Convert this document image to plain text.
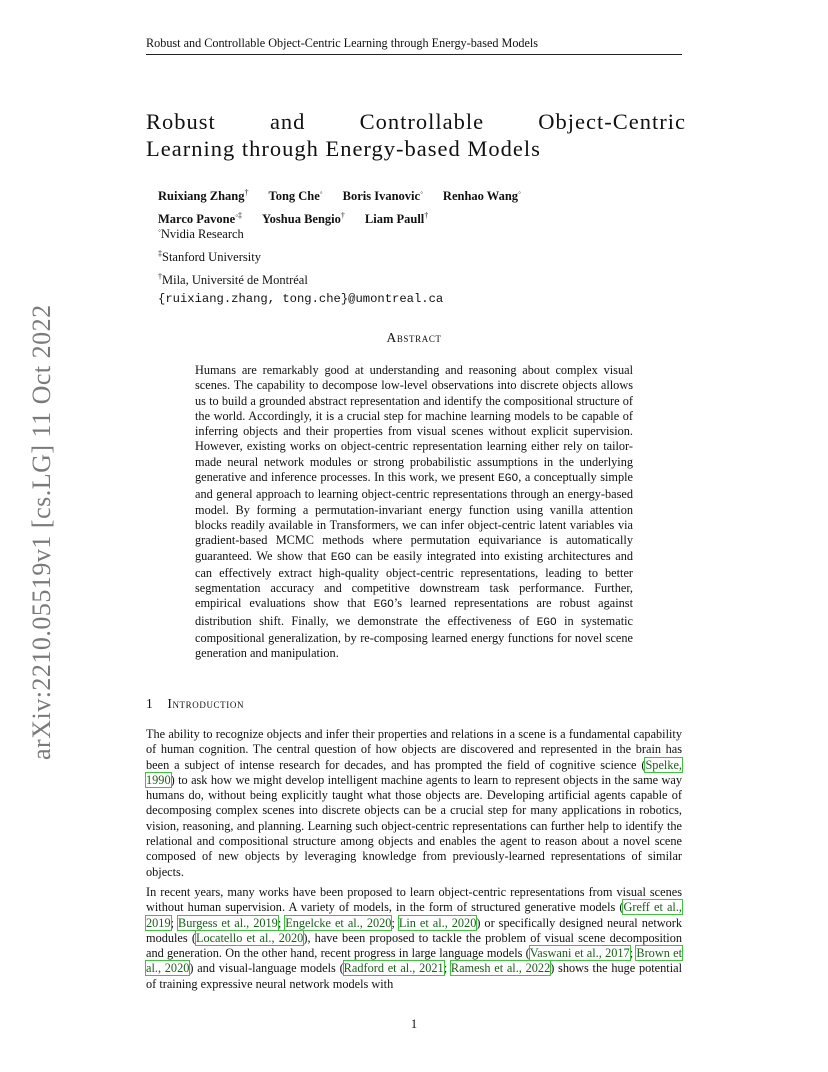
Robust and Controllable Object-Centric Learning through Energy-based Models
arXiv:2210.05519v1 [cs.LG] 11 Oct 2022
Robust and Controllable Object-Centric
Learning through Energy-based Models
Ruixiang Zhang† Tong Che◦ Boris Ivanovic◦ Renhao Wang◦
Marco Pavone◦‡ Yoshua Bengio† Liam Paull†
◦Nvidia Research
‡Stanford University
†Mila, Université de Montréal
{ruixiang.zhang, tong.che}@umontreal.ca
Abstract
Humans are remarkably good at understanding and reasoning about complex visual scenes. The capability to decompose low-level observations into discrete objects allows us to build a grounded abstract representation and identify the compositional structure of the world. Accordingly, it is a crucial step for machine learning models to be capable of inferring objects and their properties from visual scenes without explicit supervision. However, existing works on object-centric representation learning either rely on tailor-made neural network modules or strong probabilistic assumptions in the underlying generative and inference processes. In this work, we present EGO, a conceptually simple and general approach to learning object-centric representations through an energy-based model. By forming a permutation-invariant energy function using vanilla attention blocks readily available in Transformers, we can infer object-centric latent variables via gradient-based MCMC methods where permutation equivariance is automatically guaranteed. We show that EGO can be easily integrated into existing architectures and can effectively extract high-quality object-centric representations, leading to better segmentation accuracy and competitive downstream task performance. Further, empirical evaluations show that EGO’s learned representations are robust against distribution shift. Finally, we demonstrate the effectiveness of EGO in systematic compositional generalization, by re-composing learned energy functions for novel scene generation and manipulation.
1 Introduction
The ability to recognize objects and infer their properties and relations in a scene is a fundamental capability of human cognition. The central question of how objects are discovered and represented in the brain has been a subject of intense research for decades, and has prompted the field of cognitive science (Spelke, 1990) to ask how we might develop intelligent machine agents to learn to represent objects in the same way humans do, without being explicitly taught what those objects are. Developing artificial agents capable of decomposing complex scenes into discrete objects can be a crucial step for many applications in robotics, vision, reasoning, and planning. Learning such object-centric representations can further help to identify the relational and compositional structure among objects and enables the agent to reason about a novel scene composed of new objects by leveraging knowledge from previously-learned representations of similar objects.
In recent years, many works have been proposed to learn object-centric representations from visual scenes without human supervision. A variety of models, in the form of structured generative models (Greff et al., 2019; Burgess et al., 2019; Engelcke et al., 2020; Lin et al., 2020) or specifically designed neural network modules (Locatello et al., 2020), have been proposed to tackle the problem of visual scene decomposition and generation. On the other hand, recent progress in large language models (Vaswani et al., 2017; Brown et al., 2020) and visual-language models (Radford et al., 2021; Ramesh et al., 2022) shows the huge potential of training expressive neural network models with
1
